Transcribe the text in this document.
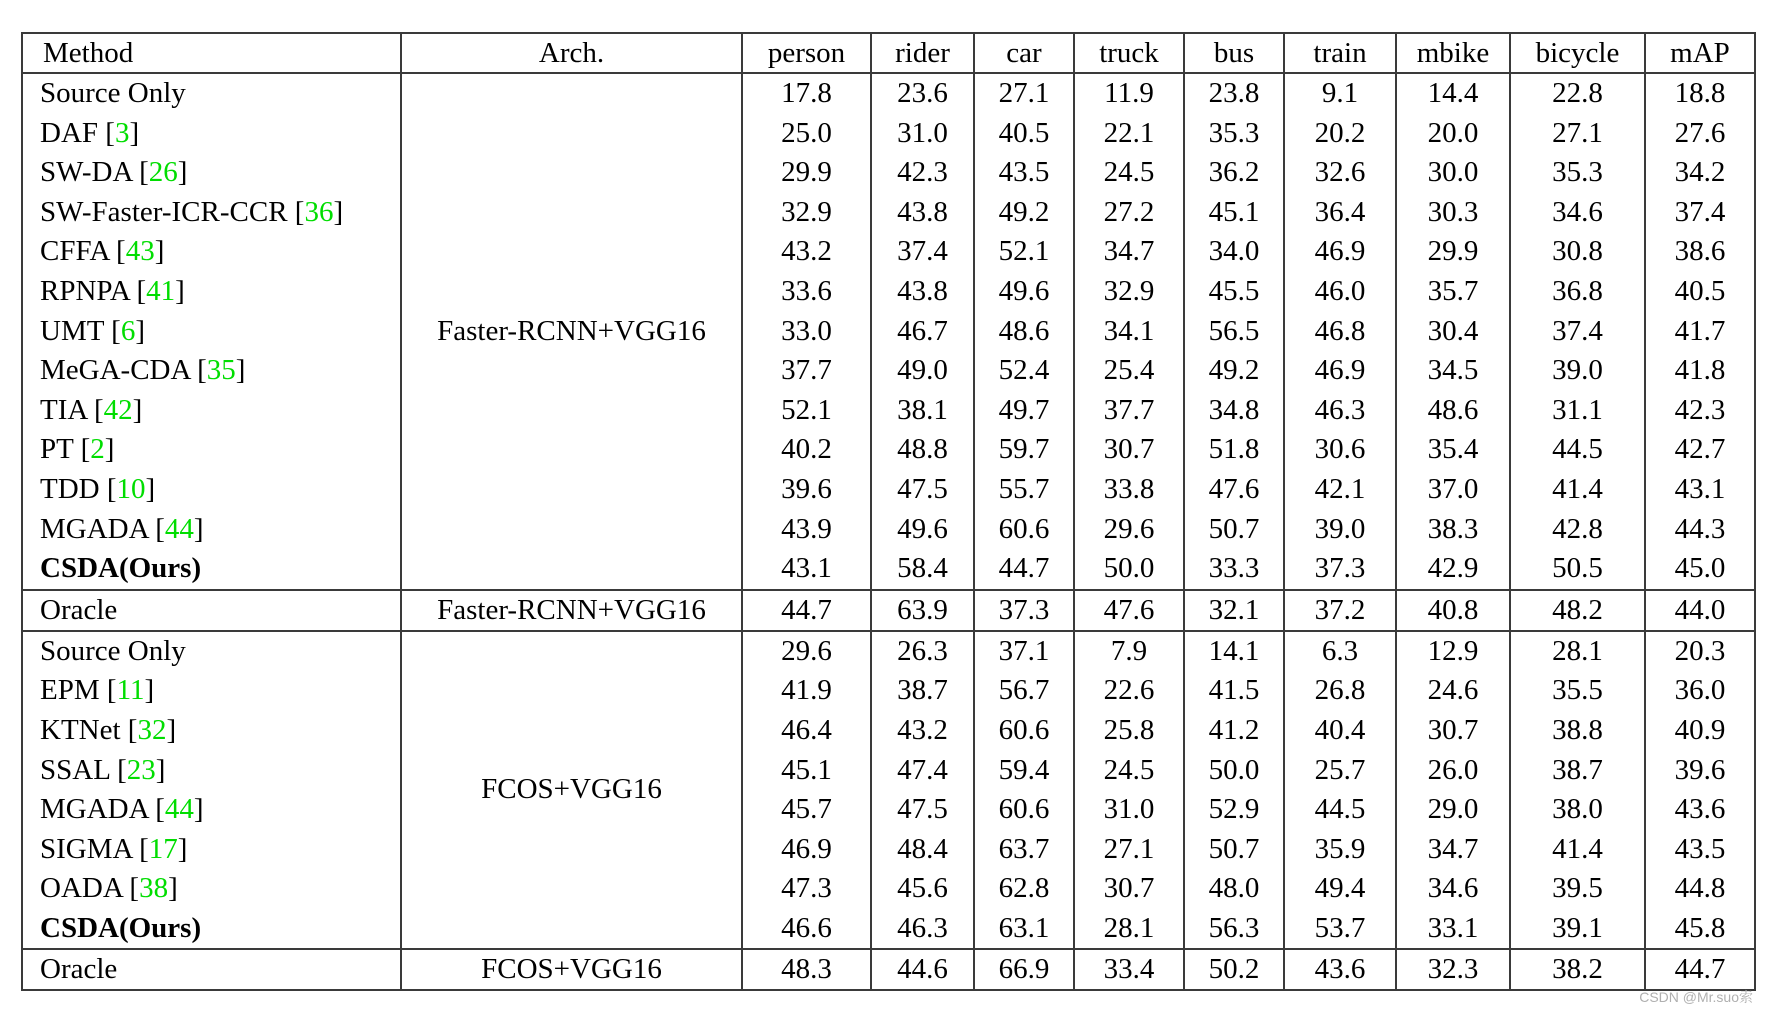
Method	Arch.	person	rider	car	truck	bus	train	mbike	bicycle	mAP
Source Only	Faster-RCNN+VGG16	17.8	23.6	27.1	11.9	23.8	9.1	14.4	22.8	18.8
DAF [3]		25.0	31.0	40.5	22.1	35.3	20.2	20.0	27.1	27.6
SW-DA [26]		29.9	42.3	43.5	24.5	36.2	32.6	30.0	35.3	34.2
SW-Faster-ICR-CCR [36]		32.9	43.8	49.2	27.2	45.1	36.4	30.3	34.6	37.4
CFFA [43]		43.2	37.4	52.1	34.7	34.0	46.9	29.9	30.8	38.6
RPNPA [41]		33.6	43.8	49.6	32.9	45.5	46.0	35.7	36.8	40.5
UMT [6]		33.0	46.7	48.6	34.1	56.5	46.8	30.4	37.4	41.7
MeGA-CDA [35]		37.7	49.0	52.4	25.4	49.2	46.9	34.5	39.0	41.8
TIA [42]		52.1	38.1	49.7	37.7	34.8	46.3	48.6	31.1	42.3
PT [2]		40.2	48.8	59.7	30.7	51.8	30.6	35.4	44.5	42.7
TDD [10]		39.6	47.5	55.7	33.8	47.6	42.1	37.0	41.4	43.1
MGADA [44]		43.9	49.6	60.6	29.6	50.7	39.0	38.3	42.8	44.3
CSDA(Ours)		43.1	58.4	44.7	50.0	33.3	37.3	42.9	50.5	45.0
Oracle	Faster-RCNN+VGG16	44.7	63.9	37.3	47.6	32.1	37.2	40.8	48.2	44.0
Source Only	FCOS+VGG16	29.6	26.3	37.1	7.9	14.1	6.3	12.9	28.1	20.3
EPM [11]		41.9	38.7	56.7	22.6	41.5	26.8	24.6	35.5	36.0
KTNet [32]		46.4	43.2	60.6	25.8	41.2	40.4	30.7	38.8	40.9
SSAL [23]		45.1	47.4	59.4	24.5	50.0	25.7	26.0	38.7	39.6
MGADA [44]		45.7	47.5	60.6	31.0	52.9	44.5	29.0	38.0	43.6
SIGMA [17]		46.9	48.4	63.7	27.1	50.7	35.9	34.7	41.4	43.5
OADA [38]		47.3	45.6	62.8	30.7	48.0	49.4	34.6	39.5	44.8
CSDA(Ours)		46.6	46.3	63.1	28.1	56.3	53.7	33.1	39.1	45.8
Oracle	FCOS+VGG16	48.3	44.6	66.9	33.4	50.2	43.6	32.3	38.2	44.7
CSDN @Mr.suo索
